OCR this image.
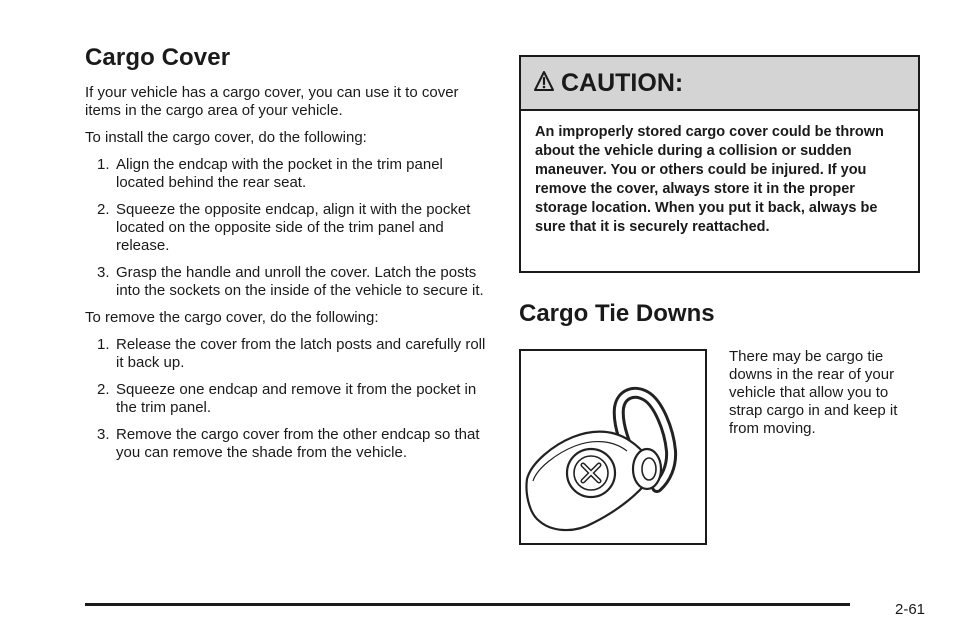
Cargo Cover

If your vehicle has a cargo cover, you can use it to cover items in the cargo area of your vehicle.

To install the cargo cover, do the following:

1. Align the endcap with the pocket in the trim panel located behind the rear seat.
2. Squeeze the opposite endcap, align it with the pocket located on the opposite side of the trim panel and release.
3. Grasp the handle and unroll the cover. Latch the posts into the sockets on the inside of the vehicle to secure it.

To remove the cargo cover, do the following:

1. Release the cover from the latch posts and carefully roll it back up.
2. Squeeze one endcap and remove it from the pocket in the trim panel.
3. Remove the cargo cover from the other endcap so that you can remove the shade from the vehicle.
CAUTION:
An improperly stored cargo cover could be thrown about the vehicle during a collision or sudden maneuver. You or others could be injured. If you remove the cover, always store it in the proper storage location. When you put it back, always be sure that it is securely reattached.
Cargo Tie Downs
There may be cargo tie downs in the rear of your vehicle that allow you to strap cargo in and keep it from moving.
2-61
